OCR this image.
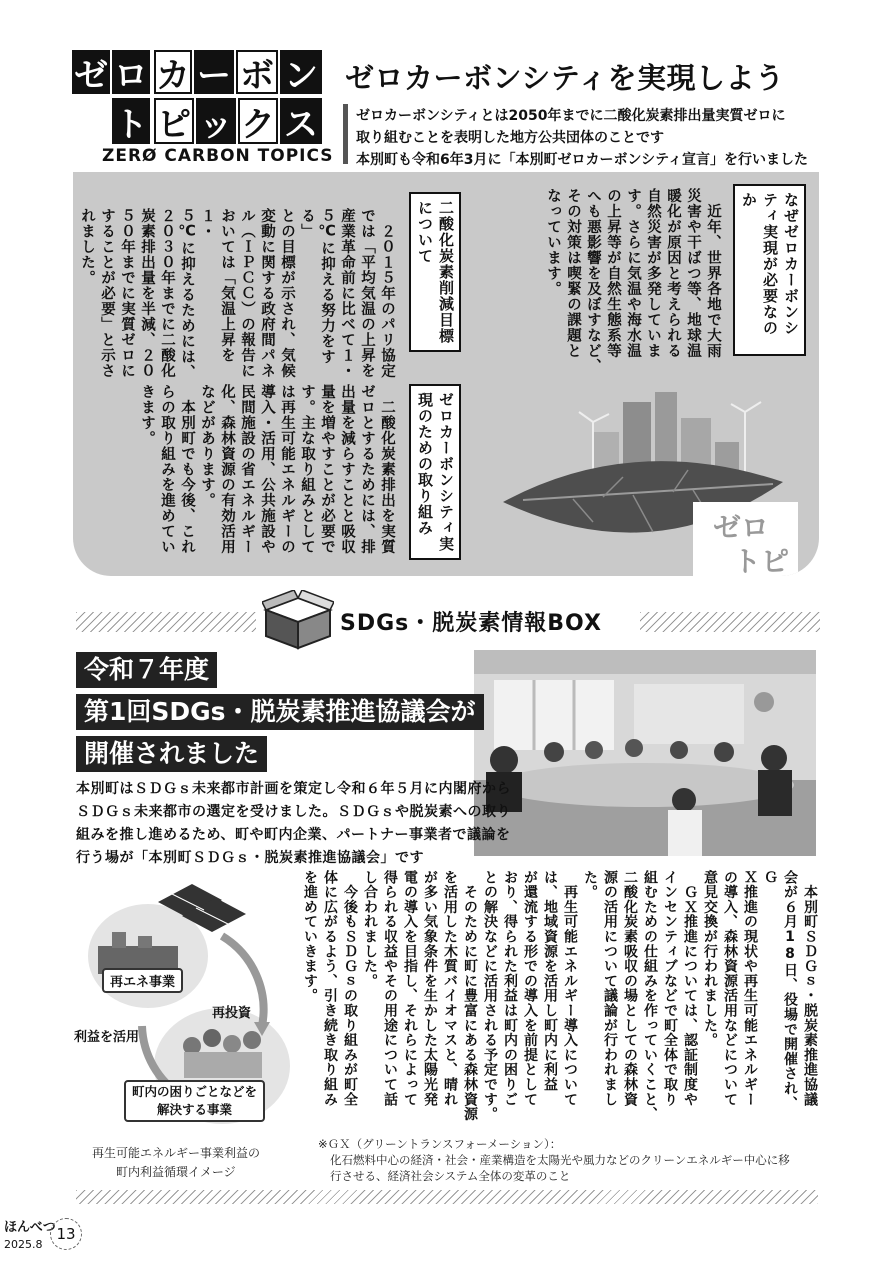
ゼ ロ カ ー ボ ン
ト ピ ッ ク ス
ZERØ CARBON TOPICS
ゼロカーボンシティを実現しよう
ゼロカーボンシティとは2050年までに二酸化炭素排出量実質ゼロに
取り組むことを表明した地方公共団体のことです
本別町も令和6年3月に「本別町ゼロカーボンシティ宣言」を行いました
ゼロ
トピ
なぜゼロカーボンシティ実現が必要なのか
　近年、世界各地で大雨
災害や干ばつ等、地球温
暖化が原因と考えられる
自然災害が多発していま
す。さらに気温や海水温
の上昇等が自然生態系等
へも悪影響を及ぼすなど、
その対策は喫緊の課題と
なっています。
二酸化炭素削減目標について
　２０１５年のパリ協定
では「平均気温の上昇を
産業革命前に比べて１・
５℃に抑える努力をする」
との目標が示され、気候
変動に関する政府間パネ
ル（ＩＰＣＣ）の報告に
おいては「気温上昇を１・
５℃に抑えるためには、
２０３０年までに二酸化
炭素排出量を半減、２０
５０年までに実質ゼロに
することが必要」と示さ
れました。
ゼロカーボンシティ実現のための取り組み
　二酸化炭素排出を実質
ゼロとするためには、排
出量を減らすことと吸収
量を増やすことが必要で
す。主な取り組みとして
は再生可能エネルギーの
導入・活用、公共施設や
民間施設の省エネルギー
化、森林資源の有効活用
などがあります。
　本別町でも今後、これ
らの取り組みを進めてい
きます。
SDGs・脱炭素情報BOX
令和７年度
第1回SDGs・脱炭素推進協議会が
開催されました
本別町はＳＤＧｓ未来都市計画を策定し令和６年５月に内閣府から
ＳＤＧｓ未来都市の選定を受けました。ＳＤＧｓや脱炭素への取り
組みを推し進めるため、町や町内企業、パートナー事業者で議論を
行う場が「本別町ＳＤＧｓ・脱炭素推進協議会」です
再エネ事業
再投資
利益を活用
町内の困りごとなどを
解決する事業
再生可能エネルギー事業利益の
町内利益循環イメージ
　本別町ＳＤＧｓ・脱炭素推進協議
会が６月18日、役場で開催され、Ｇ
Ｘ推進の現状や再生可能エネルギー
の導入、森林資源活用などについて
意見交換が行われました。
　ＧＸ推進については、認証制度や
インセンティブなどで町全体で取り
組むための仕組みを作っていくこと、
二酸化炭素吸収の場としての森林資
源の活用について議論が行われまし
た。
　再生可能エネルギー導入について
は、地域資源を活用し町内に利益
が還流する形での導入を前提として
おり、得られた利益は町内の困りご
との解決などに活用される予定です。
　そのために町に豊富にある森林資源
を活用した木質バイオマスと、晴れ
が多い気象条件を生かした太陽光発
電の導入を目指し、それらによって
得られる収益やその用途について話
し合われました。
　今後もＳＤＧｓの取り組みが町全
体に広がるよう、引き続き取り組み
を進めていきます。
※ＧＸ（グリーントランスフォーメーション）：
化石燃料中心の経済・社会・産業構造を太陽光や風力などのクリーンエネルギー中心に移
行させる、経済社会システム全体の変革のこと
ほんべつ
2025.8
13
